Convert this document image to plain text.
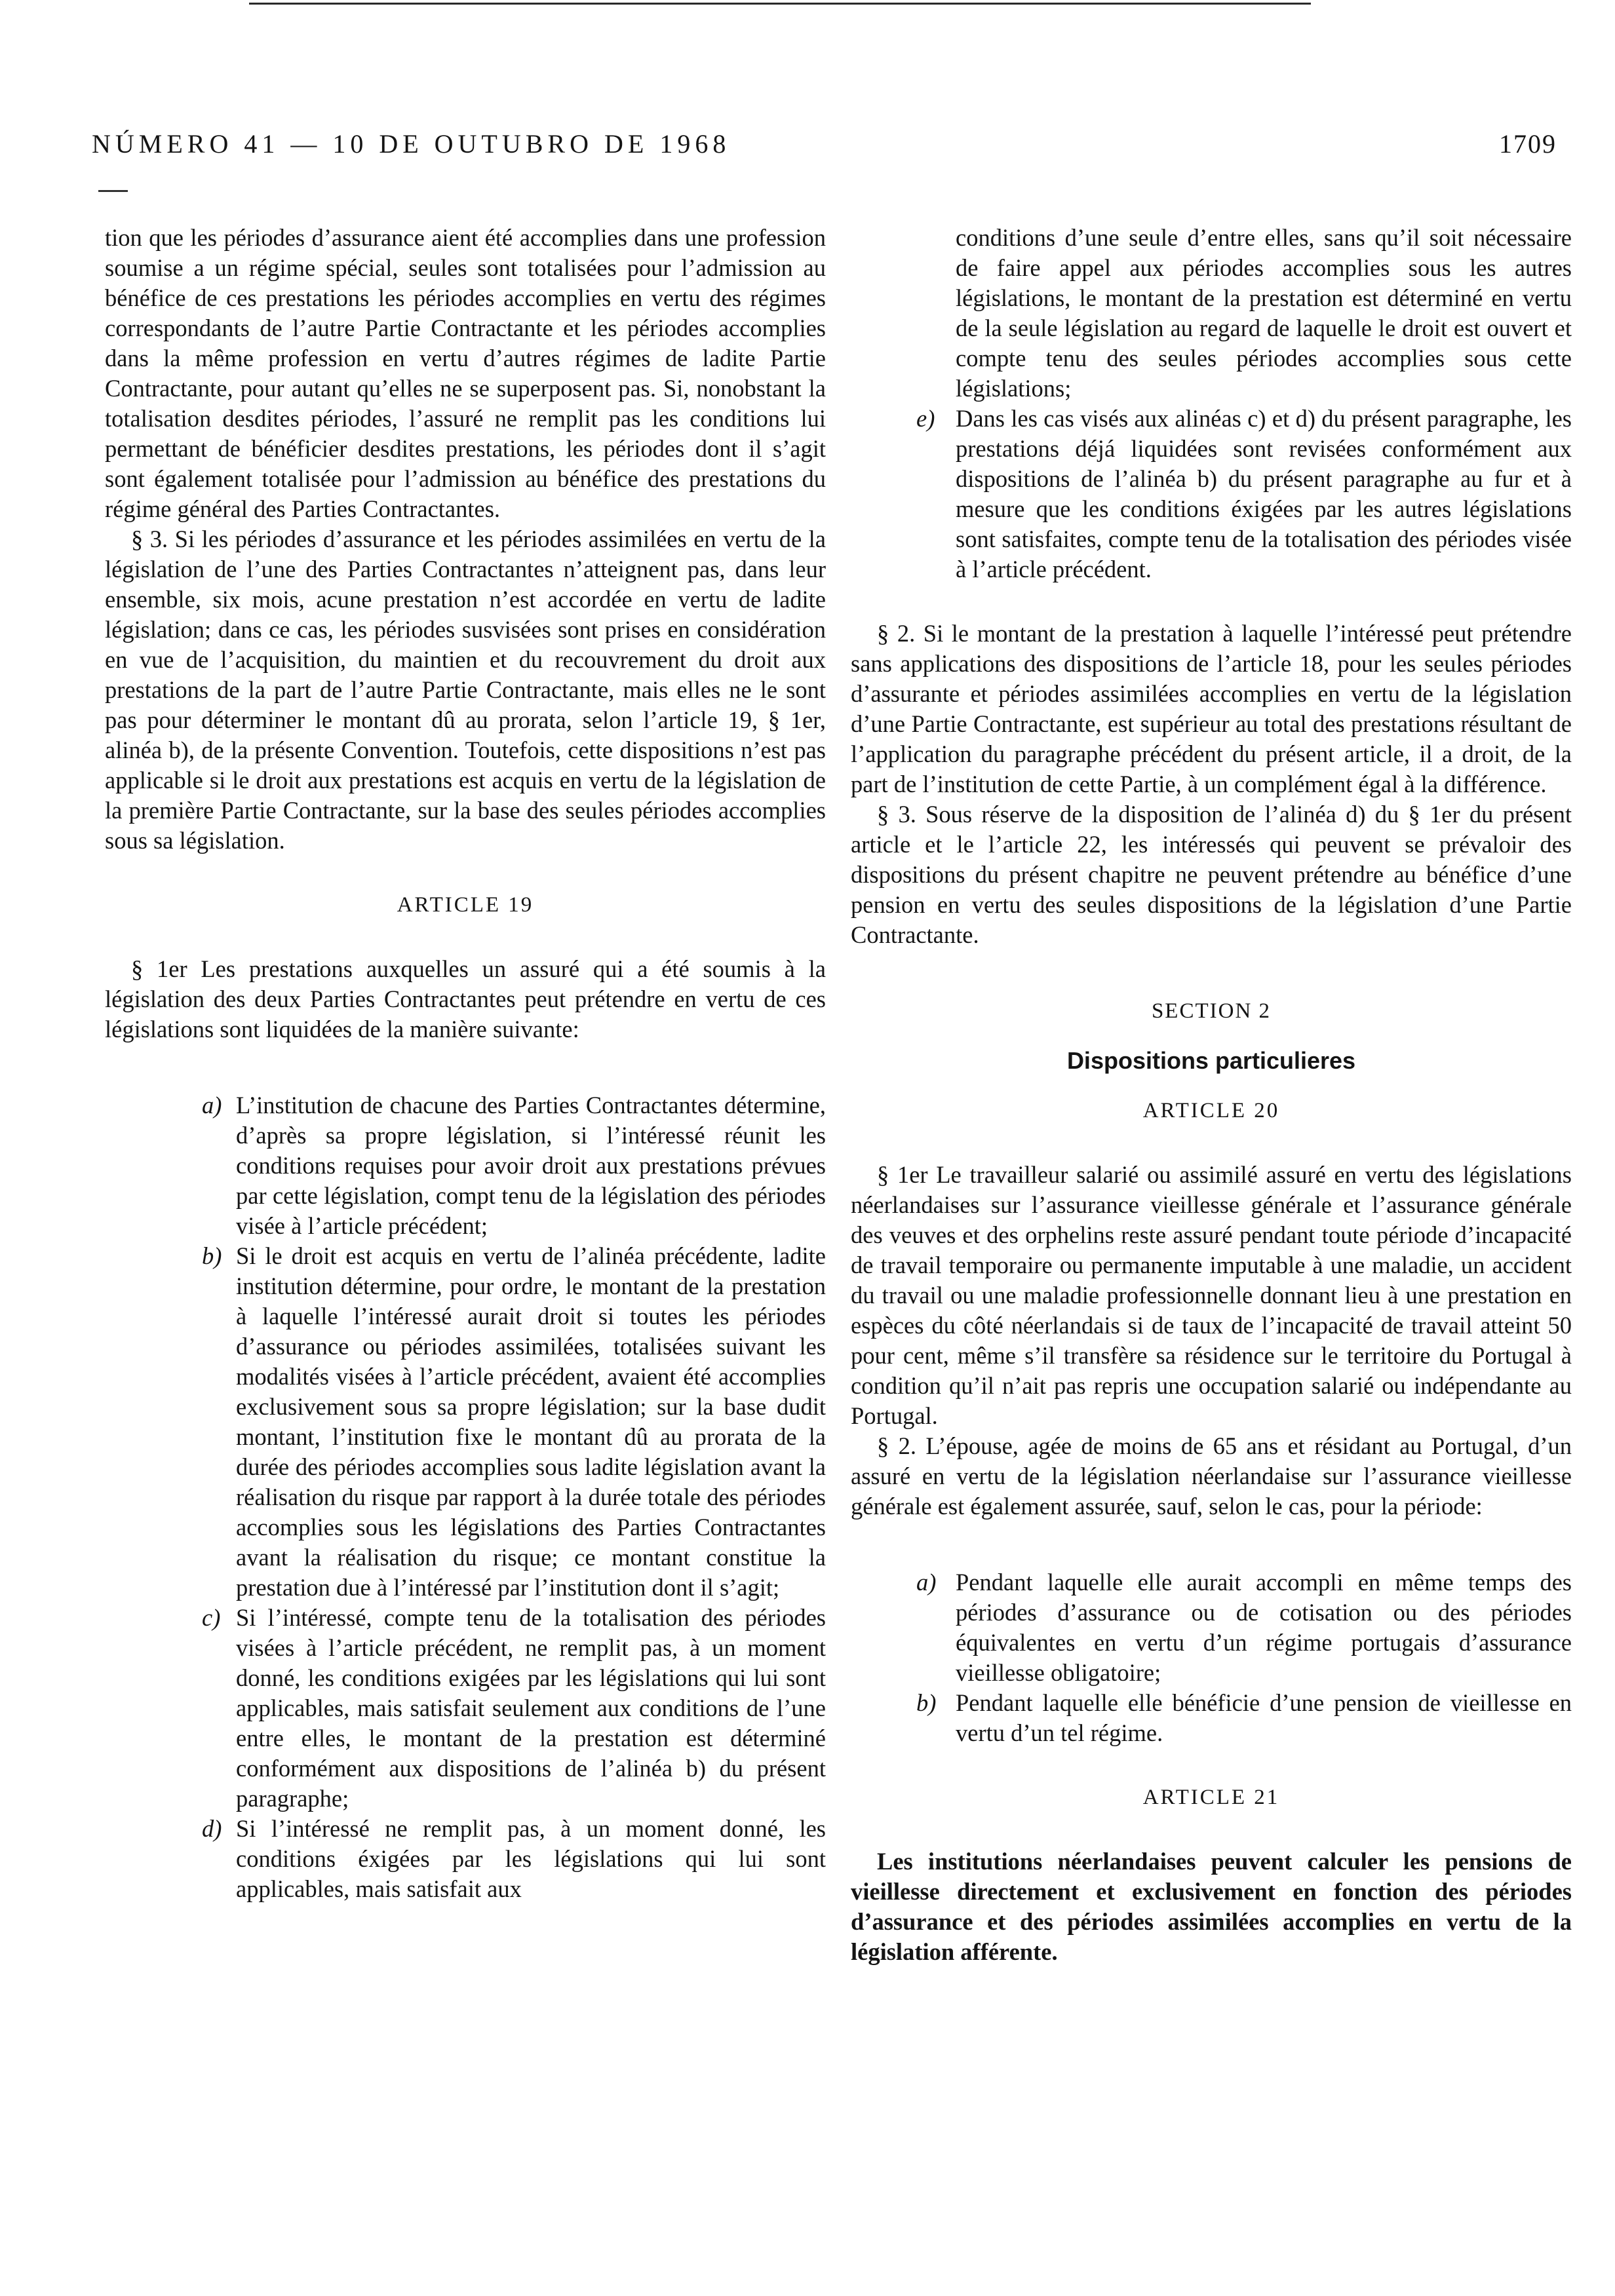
NÚMERO 41 — 10 DE OUTUBRO DE 1968	1709

tion que les périodes d’assurance aient été accomplies dans une profession soumise a un régime spécial, seules sont totalisées pour l’admission au bénéfice de ces prestations les périodes accomplies en vertu des régimes correspondants de l’autre Partie Contractante et les périodes accomplies dans la même profession en vertu d’autres régimes de ladite Partie Contractante, pour autant qu’elles ne se superposent pas. Si, nonobstant la totalisation desdites périodes, l’assuré ne remplit pas les conditions lui permettant de bénéficier desdites prestations, les périodes dont il s’agit sont également totalisée pour l’admission au bénéfice des prestations du régime général des Parties Contractantes.

§ 3. Si les périodes d’assurance et les périodes assimilées en vertu de la législation de l’une des Parties Contractantes n’atteignent pas, dans leur ensemble, six mois, acune prestation n’est accordée en vertu de ladite législation; dans ce cas, les périodes susvisées sont prises en considération en vue de l’acquisition, du maintien et du recouvrement du droit aux prestations de la part de l’autre Partie Contractante, mais elles ne le sont pas pour déterminer le montant dû au prorata, selon l’article 19, § 1er, alinéa b), de la présente Convention. Toutefois, cette dispositions n’est pas applicable si le droit aux prestations est acquis en vertu de la législation de la première Partie Contractante, sur la base des seules périodes accomplies sous sa législation.

ARTICLE 19

§ 1er Les prestations auxquelles un assuré qui a été soumis à la législation des deux Parties Contractantes peut prétendre en vertu de ces législations sont liquidées de la manière suivante:

a) L’institution de chacune des Parties Contractantes détermine, d’après sa propre législation, si l’intéressé réunit les conditions requises pour avoir droit aux prestations prévues par cette législation, compt tenu de la législation des périodes visée à l’article précédent;

b) Si le droit est acquis en vertu de l’alinéa précédente, ladite institution détermine, pour ordre, le montant de la prestation à laquelle l’intéressé aurait droit si toutes les périodes d’assurance ou périodes assimilées, totalisées suivant les modalités visées à l’article précédent, avaient été accomplies exclusivement sous sa propre législation; sur la base dudit montant, l’institution fixe le montant dû au prorata de la durée des périodes accomplies sous ladite législation avant la réalisation du risque par rapport à la durée totale des périodes accomplies sous les législations des Parties Contractantes avant la réalisation du risque; ce montant constitue la prestation due à l’intéressé par l’institution dont il s’agit;

c) Si l’intéressé, compte tenu de la totalisation des périodes visées à l’article précédent, ne remplit pas, à un moment donné, les conditions exigées par les législations qui lui sont applicables, mais satisfait seulement aux conditions de l’une entre elles, le montant de la prestation est déterminé conformément aux dispositions de l’alinéa b) du présent paragraphe;

d) Si l’intéressé ne remplit pas, à un moment donné, les conditions éxigées par les législations qui lui sont applicables, mais satisfait aux

conditions d’une seule d’entre elles, sans qu’il soit nécessaire de faire appel aux périodes accomplies sous les autres législations, le montant de la prestation est déterminé en vertu de la seule législation au regard de laquelle le droit est ouvert et compte tenu des seules périodes accomplies sous cette législations;

e) Dans les cas visés aux alinéas c) et d) du présent paragraphe, les prestations déjá liquidées sont revisées conformément aux dispositions de l’alinéa b) du présent paragraphe au fur et à mesure que les conditions éxigées par les autres législations sont satisfaites, compte tenu de la totalisation des périodes visée à l’article précédent.

§ 2. Si le montant de la prestation à laquelle l’intéressé peut prétendre sans applications des dispositions de l’article 18, pour les seules périodes d’assurante et périodes assimilées accomplies en vertu de la législation d’une Partie Contractante, est supérieur au total des prestations résultant de l’application du paragraphe précédent du présent article, il a droit, de la part de l’institution de cette Partie, à un complément égal à la différence.

§ 3. Sous réserve de la disposition de l’alinéa d) du § 1er du présent article et le l’article 22, les intéressés qui peuvent se prévaloir des dispositions du présent chapitre ne peuvent prétendre au bénéfice d’une pension en vertu des seules dispositions de la législation d’une Partie Contractante.

SECTION 2

Dispositions particulieres

ARTICLE 20

§ 1er Le travailleur salarié ou assimilé assuré en vertu des législations néerlandaises sur l’assurance vieillesse générale et l’assurance générale des veuves et des orphelins reste assuré pendant toute période d’incapacité de travail temporaire ou permanente imputable à une maladie, un accident du travail ou une maladie professionnelle donnant lieu à une prestation en espèces du côté néerlandais si de taux de l’incapacité de travail atteint 50 pour cent, même s’il transfère sa résidence sur le territoire du Portugal à condition qu’il n’ait pas repris une occupation salarié ou indépendante au Portugal.

§ 2. L’épouse, agée de moins de 65 ans et résidant au Portugal, d’un assuré en vertu de la législation néerlandaise sur l’assurance vieillesse générale est également assurée, sauf, selon le cas, pour la période:

a) Pendant laquelle elle aurait accompli en même temps des périodes d’assurance ou de cotisation ou des périodes équivalentes en vertu d’un régime portugais d’assurance vieillesse obligatoire;

b) Pendant laquelle elle bénéficie d’une pension de vieillesse en vertu d’un tel régime.

ARTICLE 21

Les institutions néerlandaises peuvent calculer les pensions de vieillesse directement et exclusivement en fonction des périodes d’assurance et des périodes assimilées accomplies en vertu de la législation afférente.
